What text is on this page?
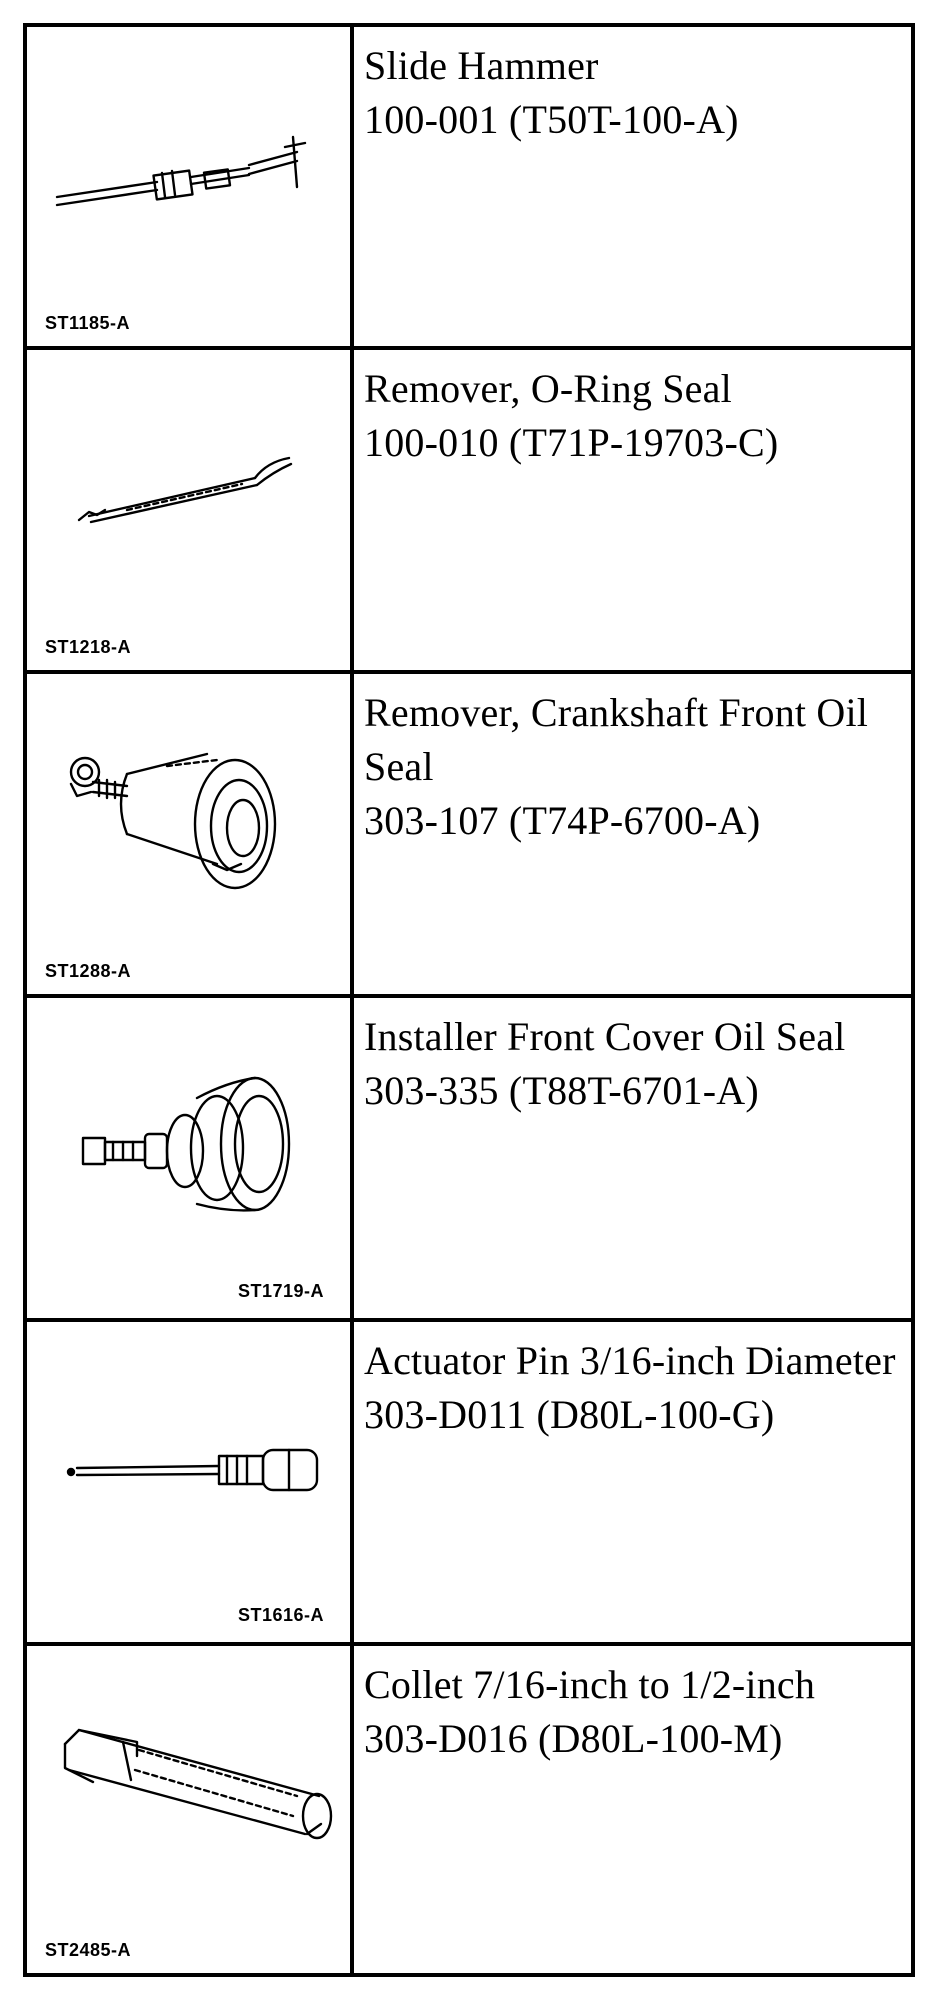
ST1185-A	Slide Hammer
100-001 (T50T-100-A)

ST1218-A	Remover, O-Ring Seal
100-010 (T71P-19703-C)

ST1288-A	Remover, Crankshaft Front Oil Seal
303-107 (T74P-6700-A)

ST1719-A	Installer Front Cover Oil Seal
303-335 (T88T-6701-A)

ST1616-A	Actuator Pin 3/16-inch Diameter
303-D011 (D80L-100-G)

ST2485-A	Collet 7/16-inch to 1/2-inch
303-D016 (D80L-100-M)
